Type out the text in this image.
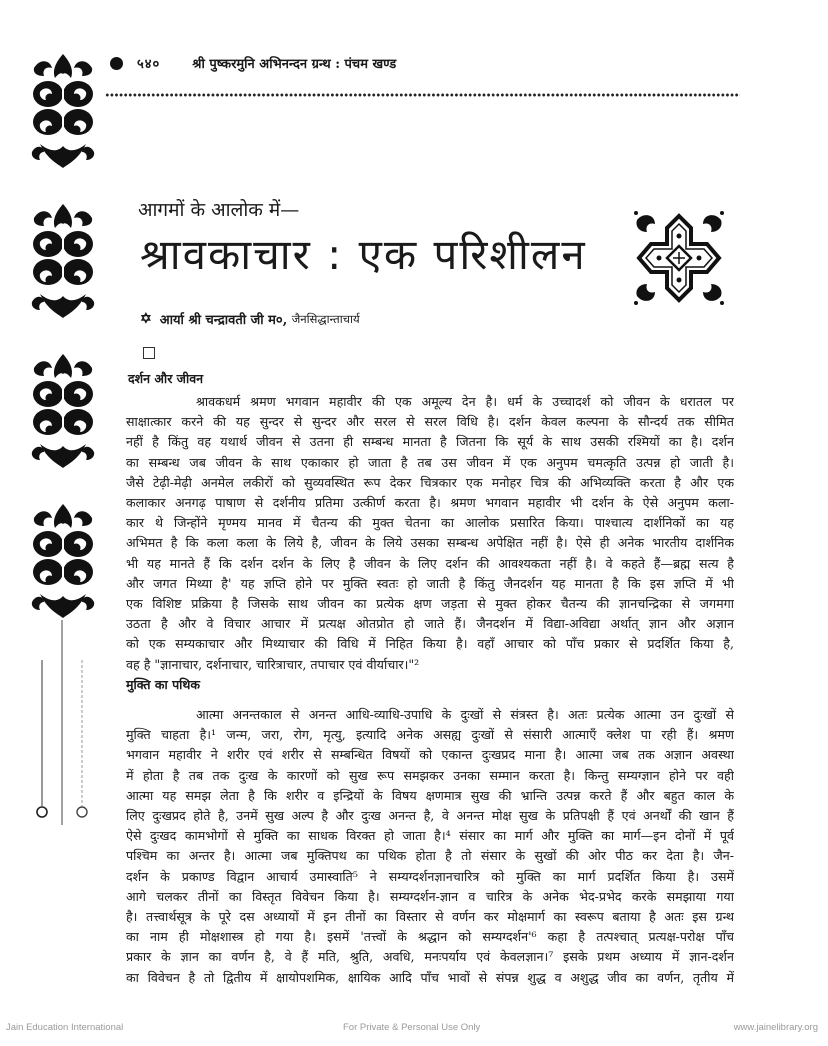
५४० श्री पुष्करमुनि अभिनन्दन ग्रन्थ : पंचम खण्ड
आगमों के आलोक में—
श्रावकाचार : एक परिशीलन
✡ आर्या श्री चन्द्रावती जी म०,
जैनसिद्धान्ताचार्य
दर्शन और जीवन
श्रावकधर्म श्रमण भगवान महावीर की एक अमूल्य देन है। धर्म के उच्चादर्श को जीवन के धरातल पर
साक्षात्कार करने की यह सुन्दर से सुन्दर और सरल से सरल विधि है। दर्शन केवल कल्पना के सौन्दर्य तक सीमित
नहीं है किंतु वह यथार्थ जीवन से उतना ही सम्बन्ध मानता है जितना कि सूर्य के साथ उसकी रश्मियों का है। दर्शन
का सम्बन्ध जब जीवन के साथ एकाकार हो जाता है तब उस जीवन में एक अनुपम चमत्कृति उत्पन्न हो जाती है।
जैसे टेढ़ी-मेढ़ी अनमेल लकीरों को सुव्यवस्थित रूप देकर चित्रकार एक मनोहर चित्र की अभिव्यक्ति करता है और एक
कलाकार अनगढ़ पाषाण से दर्शनीय प्रतिमा उत्कीर्ण करता है। श्रमण भगवान महावीर भी दर्शन के ऐसे अनुपम कला-
कार थे जिन्होंने मृण्मय मानव में चैतन्य की मुक्त चेतना का आलोक प्रसारित किया। पाश्चात्य दार्शनिकों का यह
अभिमत है कि कला कला के लिये है, जीवन के लिये उसका सम्बन्ध अपेक्षित नहीं है। ऐसे ही अनेक भारतीय दार्शनिक
भी यह मानते हैं कि दर्शन दर्शन के लिए है जीवन के लिए दर्शन की आवश्यकता नहीं है। वे कहते हैं—ब्रह्म सत्य है
और जगत मिथ्या है' यह ज्ञप्ति होने पर मुक्ति स्वतः हो जाती है किंतु जैनदर्शन यह मानता है कि इस ज्ञप्ति में भी
एक विशिष्ट प्रक्रिया है जिसके साथ जीवन का प्रत्येक क्षण जड़ता से मुक्त होकर चैतन्य की ज्ञानचन्द्रिका से जगमगा
उठता है और वे विचार आचार में प्रत्यक्ष ओतप्रोत हो जाते हैं। जैनदर्शन में विद्या-अविद्या अर्थात् ज्ञान और अज्ञान
को एक सम्यकाचार और मिथ्याचार की विधि में निहित किया है। वहाँ आचार को पाँच प्रकार से प्रदर्शित किया है,
वह है "ज्ञानाचार, दर्शनाचार, चारित्राचार, तपाचार एवं वीर्याचार।"²
मुक्ति का पथिक
आत्मा अनन्तकाल से अनन्त आधि-व्याधि-उपाधि के दुःखों से संत्रस्त है। अतः प्रत्येक आत्मा उन दुःखों से
मुक्ति चाहता है।¹ जन्म, जरा, रोग, मृत्यु, इत्यादि अनेक असह्य दुःखों से संसारी आत्माएँ क्लेश पा रही हैं। श्रमण
भगवान महावीर ने शरीर एवं शरीर से सम्बन्धित विषयों को एकान्त दुःखप्रद माना है। आत्मा जब तक अज्ञान अवस्था
में होता है तब तक दुःख के कारणों को सुख रूप समझकर उनका सम्मान करता है। किन्तु सम्यग्ज्ञान होने पर वही
आत्मा यह समझ लेता है कि शरीर व इन्द्रियों के विषय क्षणमात्र सुख की भ्रान्ति उत्पन्न करते हैं और बहुत काल के
लिए दुःखप्रद होते है, उनमें सुख अल्प है और दुःख अनन्त है, वे अनन्त मोक्ष सुख के प्रतिपक्षी हैं एवं अनर्थों की खान हैं
ऐसे दुःखद कामभोगों से मुक्ति का साधक विरक्त हो जाता है।⁴ संसार का मार्ग और मुक्ति का मार्ग—इन दोनों में पूर्व
पश्चिम का अन्तर है। आत्मा जब मुक्तिपथ का पथिक होता है तो संसार के सुखों की ओर पीठ कर देता है। जैन-
दर्शन के प्रकाण्ड विद्वान आचार्य उमास्वाति⁵ ने सम्यग्दर्शनज्ञानचारित्र को मुक्ति का मार्ग प्रदर्शित किया है। उसमें
आगे चलकर तीनों का विस्तृत विवेचन किया है। सम्यग्दर्शन-ज्ञान व चारित्र के अनेक भेद-प्रभेद करके समझाया गया
है। तत्त्वार्थसूत्र के पूरे दस अध्यायों में इन तीनों का विस्तार से वर्णन कर मोक्षमार्ग का स्वरूप बताया है अतः इस ग्रन्थ
का नाम ही मोक्षशास्त्र हो गया है। इसमें 'तत्त्वों के श्रद्धान को सम्यग्दर्शन'⁶ कहा है तत्पश्चात् प्रत्यक्ष-परोक्ष पाँच
प्रकार के ज्ञान का वर्णन है, वे हैं मति, श्रुति, अवधि, मनःपर्याय एवं केवलज्ञान।⁷ इसके प्रथम अध्याय में ज्ञान-दर्शन
का विवेचन है तो द्वितीय में क्षायोपशमिक, क्षायिक आदि पाँच भावों से संपन्न शुद्ध व अशुद्ध जीव का वर्णन, तृतीय में
Jain Education International	For Private & Personal Use Only	www.jainelibrary.org
